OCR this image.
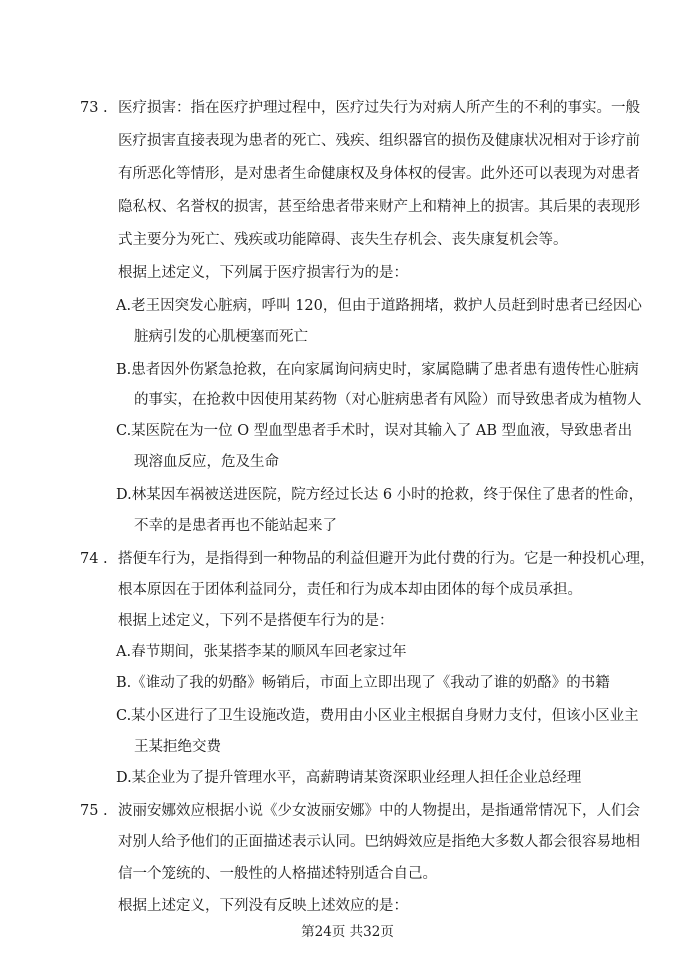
73 . 医疗损害：指在医疗护理过程中，医疗过失行为对病人所产生的不利的事实。一般
医疗损害直接表现为患者的死亡、残疾、组织器官的损伤及健康状况相对于诊疗前
有所恶化等情形，是对患者生命健康权及身体权的侵害。此外还可以表现为对患者
隐私权、名誉权的损害，甚至给患者带来财产上和精神上的损害。其后果的表现形
式主要分为死亡、残疾或功能障碍、丧失生存机会、丧失康复机会等。
根据上述定义，下列属于医疗损害行为的是：
A.老王因突发心脏病，呼叫 120，但由于道路拥堵，救护人员赶到时患者已经因心
脏病引发的心肌梗塞而死亡
B.患者因外伤紧急抢救，在向家属询问病史时，家属隐瞒了患者患有遗传性心脏病
的事实，在抢救中因使用某药物（对心脏病患者有风险）而导致患者成为植物人
C.某医院在为一位 O 型血型患者手术时，误对其输入了 AB 型血液，导致患者出
现溶血反应，危及生命
D.林某因车祸被送进医院，院方经过长达 6 小时的抢救，终于保住了患者的性命，
不幸的是患者再也不能站起来了
74 . 搭便车行为，是指得到一种物品的利益但避开为此付费的行为。它是一种投机心理，
根本原因在于团体利益同分，责任和行为成本却由团体的每个成员承担。
根据上述定义，下列不是搭便车行为的是：
A.春节期间，张某搭李某的顺风车回老家过年
B.《谁动了我的奶酪》畅销后，市面上立即出现了《我动了谁的奶酪》的书籍
C.某小区进行了卫生设施改造，费用由小区业主根据自身财力支付，但该小区业主
王某拒绝交费
D.某企业为了提升管理水平，高薪聘请某资深职业经理人担任企业总经理
75 . 波丽安娜效应根据小说《少女波丽安娜》中的人物提出，是指通常情况下，人们会
对别人给予他们的正面描述表示认同。巴纳姆效应是指绝大多数人都会很容易地相
信一个笼统的、一般性的人格描述特别适合自己。
根据上述定义，下列没有反映上述效应的是：
第24页 共32页
